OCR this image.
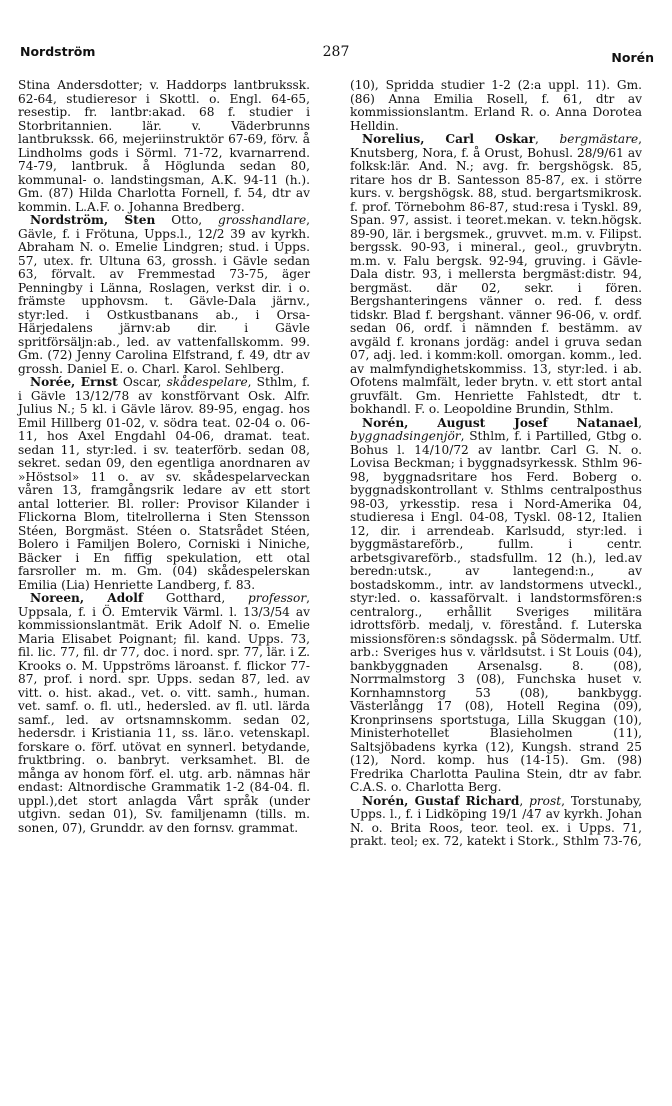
Nordström	287	Norén

Stina Andersdotter; v. Haddorps lantbrukssk. 62-64, studieresor i Skottl. o. Engl. 64-65, resestip. fr. lantbr:akad. 68 f. studier i Storbritannien. lär. v. Väderbrunns lantbrukssk. 66, mejeriinstruktör 67-69, förv. å Lindholms gods i Sörml. 71-72, kvarnarrend. 74-79, lantbruk. å Höglunda sedan 80, kommunal- o. landstingsman, A.K. 94-11 (h.). Gm. (87) Hilda Charlotta Fornell, f. 54, dtr av kommin. L.A.F. o. Johanna Bredberg.

Nordström, Sten Otto, grosshandlare, Gävle, f. i Frötuna, Upps.l., 12/2 39 av kyrkh. Abraham N. o. Emelie Lindgren; stud. i Upps. 57, utex. fr. Ultuna 63, grossh. i Gävle sedan 63, förvalt. av Fremmestad 73-75, äger Penningby i Länna, Roslagen, verkst dir. i o. främste upphovsm. t. Gävle-Dala järnv., styr:led. i Ostkustbanans ab., i Orsa-Härjedalens järnv:ab dir. i Gävle spritförsäljn:ab., led. av vattenfallskomm. 99. Gm. (72) Jenny Carolina Elfstrand, f. 49, dtr av grossh. Daniel E. o. Charl. Karol. Sehlberg.

Norée, Ernst Oscar, skådespelare, Sthlm, f. i Gävle 13/12/78 av konstförvant Osk. Alfr. Julius N.; 5 kl. i Gävle lärov. 89-95, engag. hos Emil Hillberg 01-02, v. södra teat. 02-04 o. 06-11, hos Axel Engdahl 04-06, dramat. teat. sedan 11, styr:led. i sv. teaterförb. sedan 08, sekret. sedan 09, den egentliga anordnaren av »Höstsol» 11 o. av sv. skådespelarveckan våren 13, framgångsrik ledare av ett stort antal lotterier. Bl. roller: Provisor Kilander i Flickorna Blom, titelrollerna i Sten Stensson Stéen, Borgmäst. Stéen o. Statsrådet Stéen, Bolero i Familjen Bolero, Corniski i Niniche, Bäcker i En fiffig spekulation, ett otal farsroller m. m. Gm. (04) skådespelerskan Emilia (Lia) Henriette Landberg, f. 83.

Noreen, Adolf Gotthard, professor, Uppsala, f. i Ö. Emtervik Värml. l. 13/3/54 av kommissionslantmät. Erik Adolf N. o. Emelie Maria Elisabet Poignant; fil. kand. Upps. 73, fil. lic. 77, fil. dr 77, doc. i nord. spr. 77, lär. i Z. Krooks o. M. Uppströms läroanst. f. flickor 77-87, prof. i nord. spr. Upps. sedan 87, led. av vitt. o. hist. akad., vet. o. vitt. samh., human. vet. samf. o. fl. utl., hedersled. av fl. utl. lärda samf., led. av ortsnamnskomm. sedan 02, hedersdr. i Kristiania 11, ss. lär.o. vetenskapl. forskare o. förf. utövat en synnerl. betydande, fruktbring. o. banbryt. verksamhet. Bl. de många av honom förf. el. utg. arb. nämnas här endast: Altnordische Grammatik 1-2 (84-04. fl. uppl.),det stort anlagda Vårt språk (under utgivn. sedan 01), Sv. familjenamn (tills. m. sonen, 07), Grunddr. av den fornsv. grammat.

(10), Spridda studier 1-2 (2:a uppl. 11). Gm. (86) Anna Emilia Rosell, f. 61, dtr av kommissionslantm. Erland R. o. Anna Dorotea Helldin.

Norelius, Carl Oskar, bergmästare, Knutsberg, Nora, f. å Orust, Bohusl. 28/9/61 av folksk:lär. And. N.; avg. fr. bergshögsk. 85, ritare hos dr B. Santesson 85-87, ex. i större kurs. v. bergshögsk. 88, stud. bergartsmikrosk. f. prof. Törnebohm 86-87, stud:resa i Tyskl. 89, Span. 97, assist. i teoret.mekan. v. tekn.högsk. 89-90, lär. i bergsmek., gruvvet. m.m. v. Filipst. bergssk. 90-93, i mineral., geol., gruvbrytn. m.m. v. Falu bergsk. 92-94, gruving. i Gävle-Dala distr. 93, i mellersta bergmäst:distr. 94, bergmäst. där 02, sekr. i fören. Bergshanteringens vänner o. red. f. dess tidskr. Blad f. bergshant. vänner 96-06, v. ordf. sedan 06, ordf. i nämnden f. bestämm. av avgäld f. kronans jordäg: andel i gruva sedan 07, adj. led. i komm:koll. omorgan. komm., led. av malmfyndighetskommiss. 13, styr:led. i ab. Ofotens malmfält, leder brytn. v. ett stort antal gruvfält. Gm. Henriette Fahlstedt, dtr t. bokhandl. F. o. Leopoldine Brundin, Sthlm.

Norén, August Josef Natanael, byggnadsingenjör, Sthlm, f. i Partilled, Gtbg o. Bohus l. 14/10/72 av lantbr. Carl G. N. o. Lovisa Beckman; i byggnadsyrkessk. Sthlm 96-98, byggnadsritare hos Ferd. Boberg o. byggnadskontrollant v. Sthlms centralposthus 98-03, yrkesstip. resa i Nord-Amerika 04, studieresa i Engl. 04-08, Tyskl. 08-12, Italien 12, dir. i arrendeab. Karlsudd, styr:led. i byggmästareförb., fullm. i centr. arbetsgivareförb., stadsfullm. 12 (h.), led.av beredn:utsk., av lantegend:n., av bostadskomm., intr. av landstormens utveckl., styr:led. o. kassaförvalt. i landstormsfören:s centralorg., erhållit Sveriges militära idrottsförb. medalj, v. förestånd. f. Luterska missionsfören:s söndagssk. på Södermalm. Utf. arb.: Sveriges hus v. världsutst. i St Louis (04), bankbyggnaden Arsenalsg. 8. (08), Norrmalmstorg 3 (08), Funchska huset v. Kornhamnstorg 53 (08), bankbygg. Västerlångg 17 (08), Hotell Regina (09), Kronprinsens sportstuga, Lilla Skuggan (10), Ministerhotellet Blasieholmen (11), Saltsjöbadens kyrka (12), Kungsh. strand 25 (12), Nord. komp. hus (14-15). Gm. (98) Fredrika Charlotta Paulina Stein, dtr av fabr. C.A.S. o. Charlotta Berg.

Norén, Gustaf Richard, prost, Torstunaby, Upps. l., f. i Lidköping 19/1 /47 av kyrkh. Johan N. o. Brita Roos, teor. teol. ex. i Upps. 71, prakt. teol; ex. 72, katekt i Stork., Sthlm 73-76,
